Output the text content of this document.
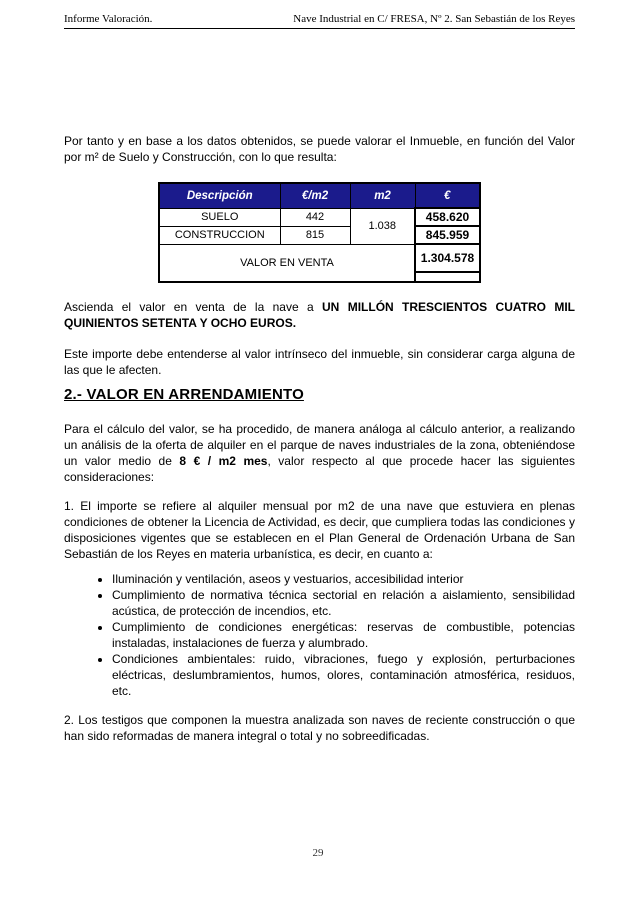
Informe Valoración.	Nave Industrial en C/ FRESA, Nº 2. San Sebastián de los Reyes

Por tanto y en base a los datos obtenidos, se puede valorar el Inmueble, en función del Valor por m² de Suelo y Construcción, con lo que resulta:

Descripción	€/m2	m2	€
SUELO	442	1.038	458.620
CONSTRUCCION	815		845.959
VALOR EN VENTA			1.304.578

Ascienda el valor en venta de la nave a UN MILLÓN TRESCIENTOS CUATRO MIL QUINIENTOS SETENTA Y OCHO EUROS.

Este importe debe entenderse al valor intrínseco del inmueble, sin considerar carga alguna de las que le afecten.

2.- VALOR EN ARRENDAMIENTO

Para el cálculo del valor, se ha procedido, de manera análoga al cálculo anterior, a realizando un análisis de la oferta de alquiler en el parque de naves industriales de la zona, obteniéndose un valor medio de 8 € / m2 mes, valor respecto al que procede hacer las siguientes consideraciones:

1. El importe se refiere al alquiler mensual por m2 de una nave que estuviera en plenas condiciones de obtener la Licencia de Actividad, es decir, que cumpliera todas las condiciones y disposiciones vigentes que se establecen en el Plan General de Ordenación Urbana de San Sebastián de los Reyes en materia urbanística, es decir, en cuanto a:

• Iluminación y ventilación, aseos y vestuarios, accesibilidad interior
• Cumplimiento de normativa técnica sectorial en relación a aislamiento, sensibilidad acústica, de protección de incendios, etc.
• Cumplimiento de condiciones energéticas: reservas de combustible, potencias instaladas, instalaciones de fuerza y alumbrado.
• Condiciones ambientales: ruido, vibraciones, fuego y explosión, perturbaciones eléctricas, deslumbramientos, humos, olores, contaminación atmosférica, residuos, etc.

2. Los testigos que componen la muestra analizada son naves de reciente construcción o que han sido reformadas de manera integral o total y no sobreedificadas.

29
